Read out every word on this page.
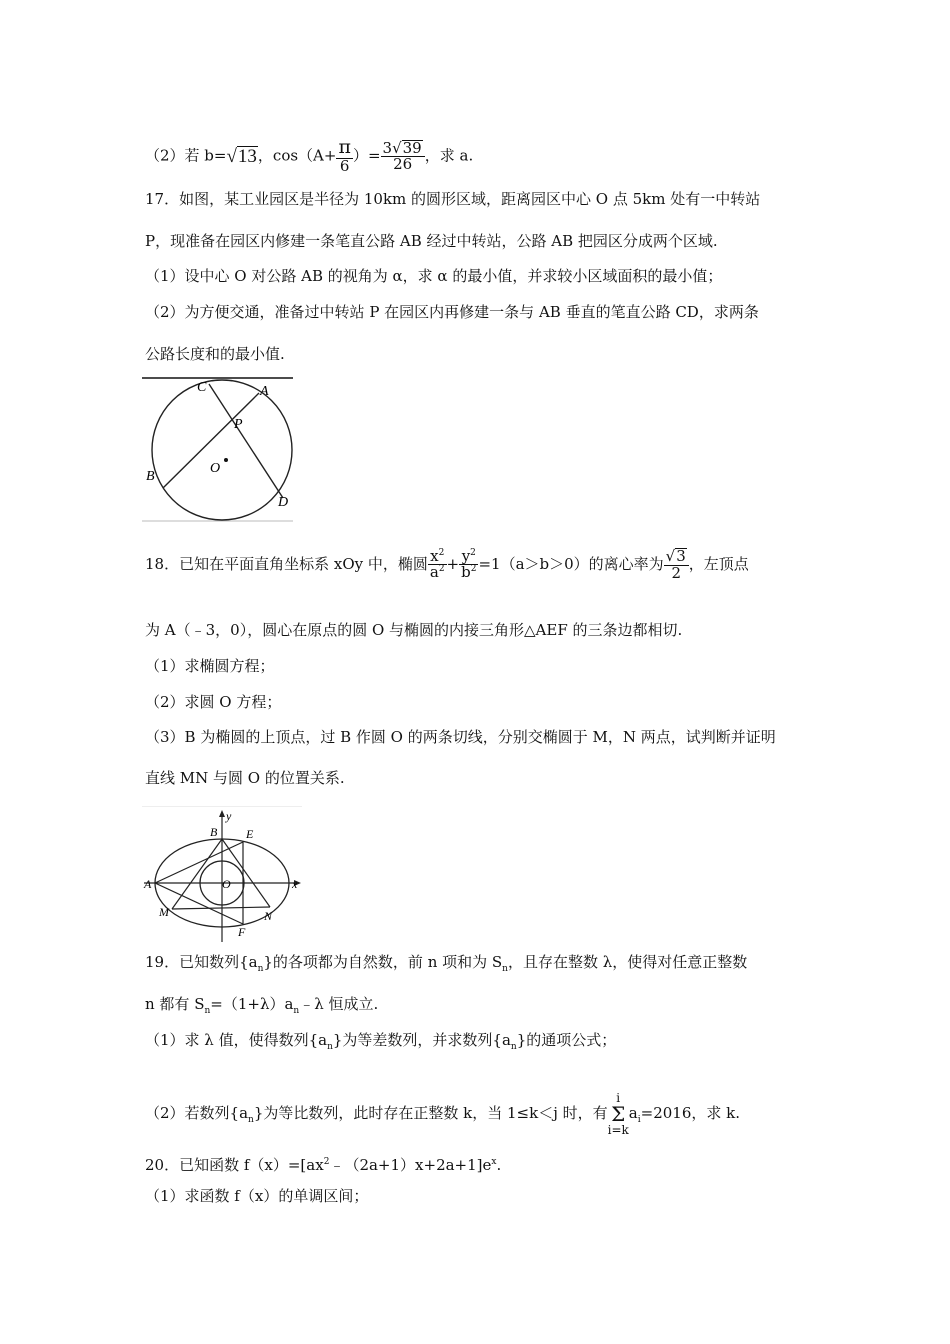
（2）若 b=√13，$\cos(A+ \frac{\pi}{6}$ ）= $\frac{3√39}{26}$ ，求 a.
17．如图，某工业园区是半径为 10km 的圆形区域，距离园区中心 O 点 5km 处有一中转站
P，现准备在园区内修建一条笔直公路 AB 经过中转站，公路 AB 把园区分成两个区域.
（1）设中心 O 对公路 AB 的视角为 α，求 α 的最小值，并求较小区域面积的最小值；
（2）为方便交通，准备过中转站 P 在园区内再修建一条与 AB 垂直的笔直公路 CD，求两条
公路长度和的最小值.
C	A
P
B
O
D
18．已知在平面直角坐标系 xOy 中，椭圆 $\frac{x^2}{a^2} + \frac{y^2}{b^2} =1(a>b>0)$的离心率为 $\frac{√3}{2}$ ，左顶点
为 A（﹣3，0），圆心在原点的圆 O 与椭圆的内接三角形△AEF 的三条边都相切.
（1）求椭圆方程；
（2）求圆 O 方程；
（3）B 为椭圆的上顶点，过 B 作圆 O 的两条切线，分别交椭圆于 M，N 两点，试判断并证明
直线 MN 与圆 O 的位置关系.
y
B E
A	O	x
M
F
N
19．已知数列$\{a_n\}$的各项都为自然数，前 n 项和为 $S_n$，且存在整数 λ，使得对任意正整数
n 都有 $S_n=(1+\lambda)a_n﹣\lambda$ 恒成立.
（1）求 λ 值，使得数列$\{a_n\}$为等差数列，并求数列$\{a_n\}$的通项公式；
（2）若数列$\{a_n\}$为等比数列，此时存在正整数 k，当 1≤k＜j 时，有
i
Σ
i=k
$a_i=2016$，求 k.
20．已知函数 $f(x)=[ax^2﹣(2a+1)x+2a+1]e^x$.
（1）求函数 f（x）的单调区间；
